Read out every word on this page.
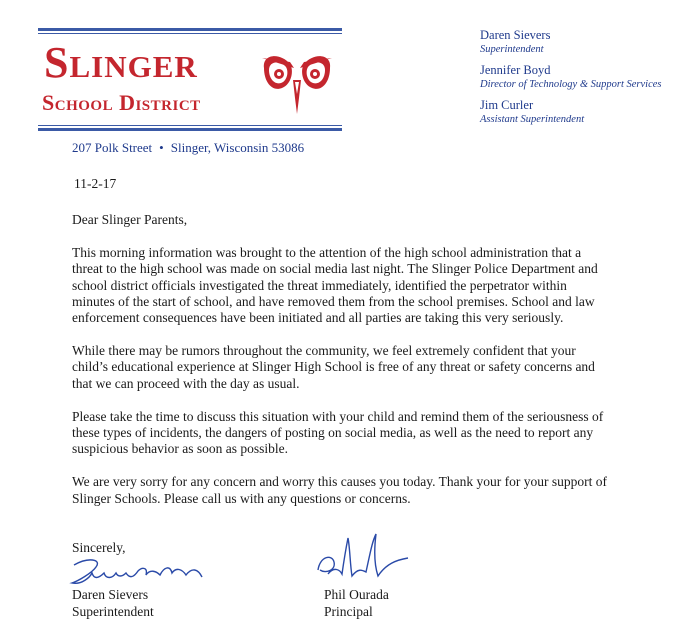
Slinger
School District
207 Polk Street • Slinger, Wisconsin 53086
Daren Sievers
Superintendent
Jennifer Boyd
Director of Technology & Support Services
Jim Curler
Assistant Superintendent
11-2-17

Dear Slinger Parents,

This morning information was brought to the attention of the high school administration that a threat to the high school was made on social media last night. The Slinger Police Department and school district officials investigated the threat immediately, identified the perpetrator within minutes of the start of school, and have removed them from the school premises. School and law enforcement consequences have been initiated and all parties are taking this very seriously.

While there may be rumors throughout the community, we feel extremely confident that your child’s educational experience at Slinger High School is free of any threat or safety concerns and that we can proceed with the day as usual.

Please take the time to discuss this situation with your child and remind them of the seriousness of these types of incidents, the dangers of posting on social media, as well as the need to report any suspicious behavior as soon as possible.

We are very sorry for any concern and worry this causes you today. Thank your for your support of Slinger Schools. Please call us with any questions or concerns.

Sincerely,
Daren Sievers
Superintendent
Phil Ourada
Principal
